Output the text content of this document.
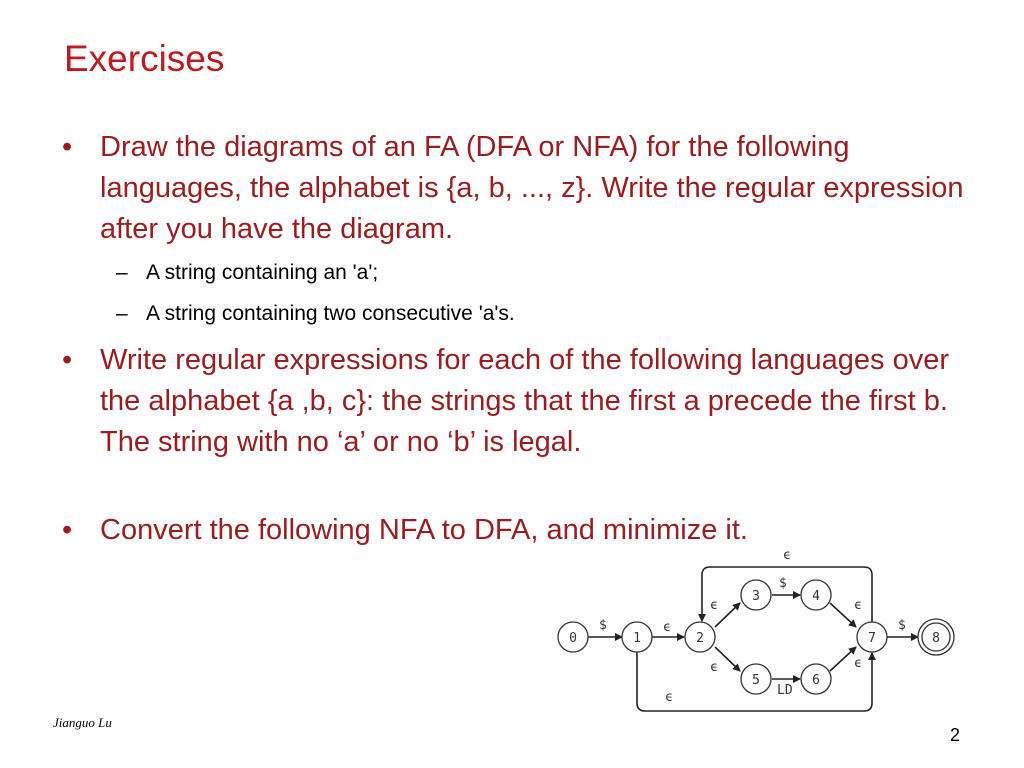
Exercises
• Draw the diagrams of an FA (DFA or NFA) for the following languages, the alphabet is {a, b, ..., z}. Write the regular expression after you have the diagram.
– A string containing an 'a';
– A string containing two consecutive 'a's.
• Write regular expressions for each of the following languages over the alphabet {a ,b, c}: the strings that the first a precede the first b. The string with no ‘a’ or no ‘b’ is legal.
• Convert the following NFA to DFA, and minimize it.
$	ϵ
ϵ
$
ϵ
ϵ
LD
ϵ
$
ϵ
ϵ
0	1	2
3	4
5	6
7	8
Jianguo Lu
2
